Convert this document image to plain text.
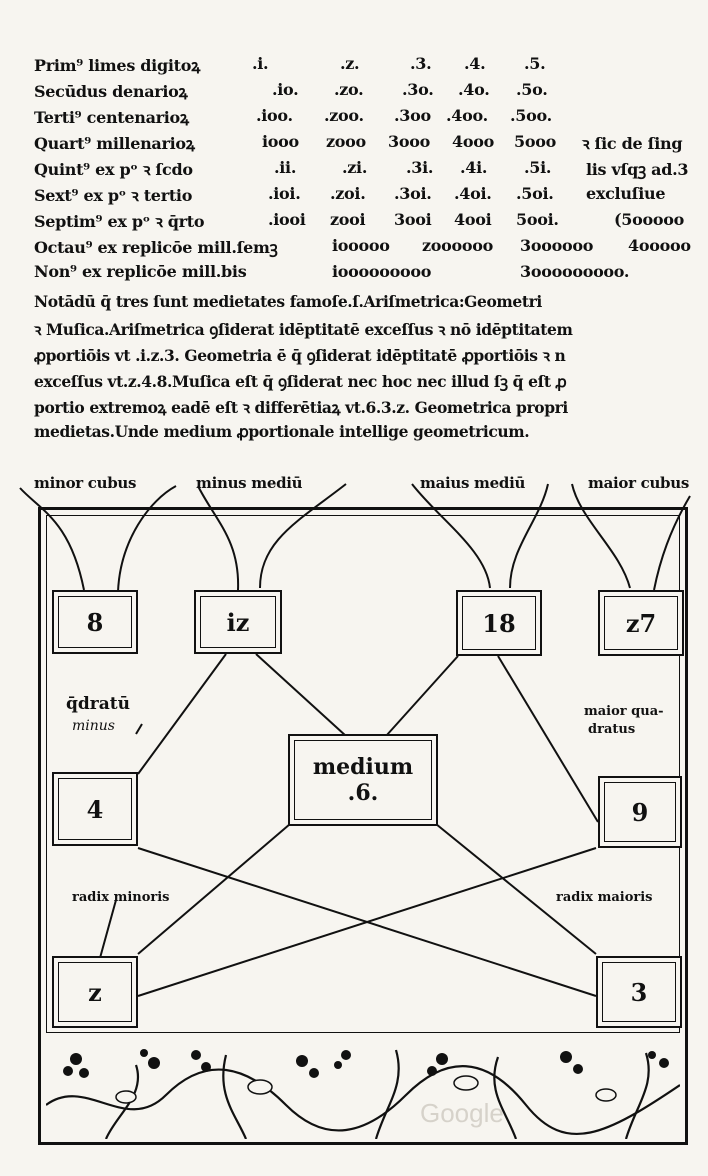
Prim⁹ limes digitoꝝ	.i.	.z.	.3. .4. .5.
Secūdus denarioꝝ	.io. .zo. .3o. .4o. .5o.
Terti⁹ centenarioꝝ	.ioo. .zoo. .3oo .4oo. .5oo.
Quart⁹ millenarioꝝ	iooo zooo 3ooo 4ooo 5ooo ꝛ ſic de ſing
Quint⁹ ex pᵒ ꝛ ſcdo	.ii.	.zi. .3i. .4i. .5i. lis vſqꝫ ad.3
Sext⁹ ex pᵒ ꝛ tertio	.ioi. .zoi. .3oi. .4oi. .5oi. excluſiue
Septim⁹ ex pᵒ ꝛ q̄rto	.iooi zooi 3ooi 4ooi 5ooi.	(5ooooo
Octau⁹ ex replicōe mill.ſemꝫ	iooooo zoooooo 3oooooo 4ooooo
Non⁹ ex replicōe mill.bis	iooooooooo	3ooooooooo.
Notādū q̄ tres ſunt medietates famoſe.ſ.Ariſmetrica:Geometri
ꝛ Muſica.Ariſmetrica ꝯſiderat idēptitatē exceſſus ꝛ nō idēptitatem
ꝓportiōis vt .i.z.3. Geometria ē q̄ ꝯſiderat idēptitatē ꝓportiōis ꝛ n
exceſſus vt.z.4.8.Muſica eſt q̄ ꝯſiderat nec hoc nec illud ſꝫ q̄ eſt ꝓ
portio extremoꝝ eadē eſt ꝛ differētiaꝝ vt.6.3.z. Geometrica propri
medietas.Unde medium ꝓportionale intellige geometricum.
minor cubus	minus mediū	maius mediū	maior cubus
8	iz	18	z7
medium
.6.
4	9
z	3
q̄dratū
minus
maior qua-
dratus
radix minoris	radix maioris
Google
